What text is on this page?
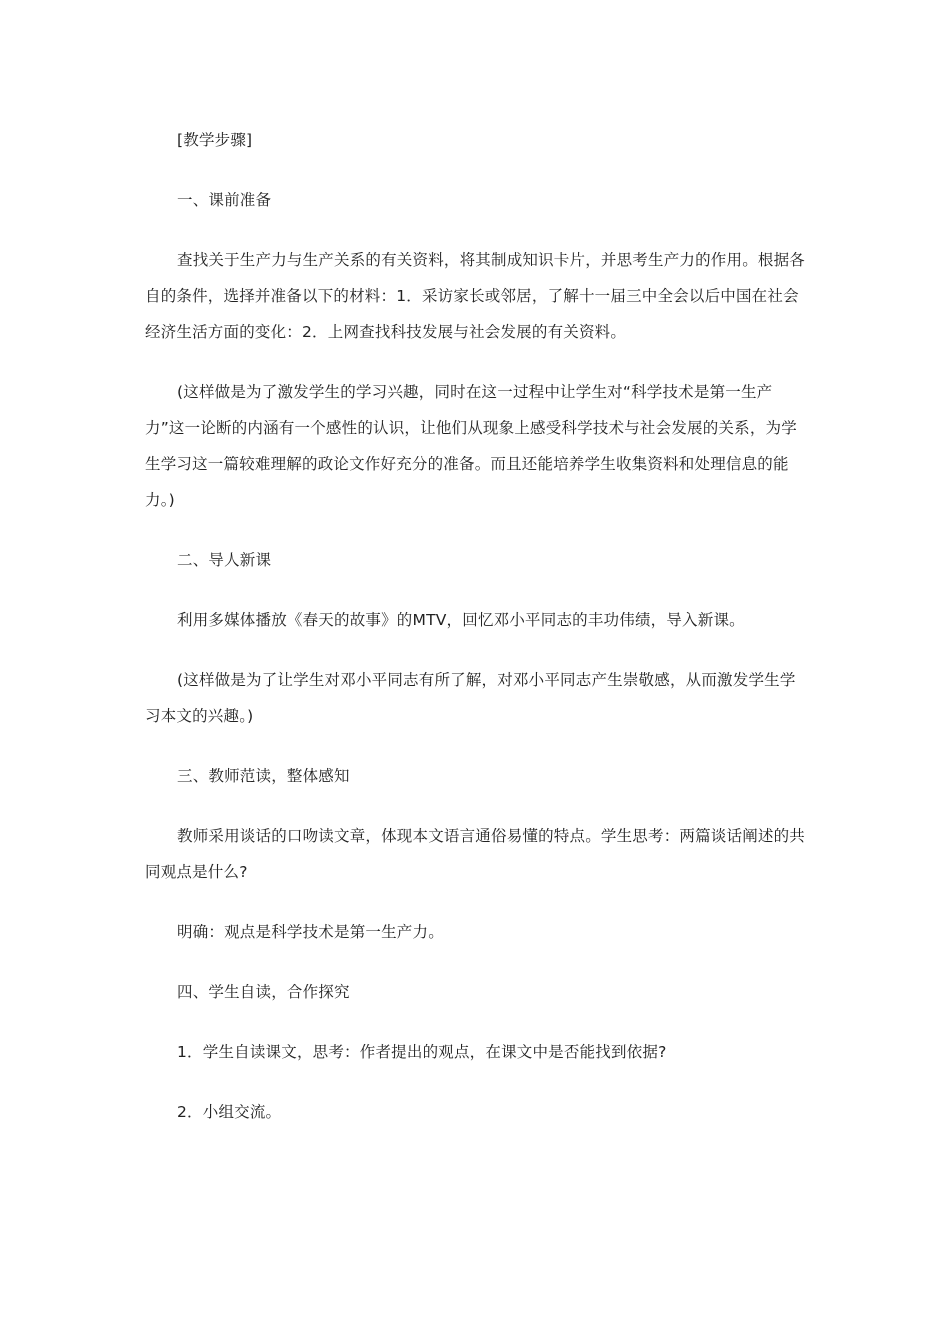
[教学步骤]

一、课前准备

查找关于生产力与生产关系的有关资料，将其制成知识卡片，并思考生产力的作用。根据各自的条件，选择并准备以下的材料：1．采访家长或邻居，了解十一届三中全会以后中国在社会经济生活方面的变化：2．上网查找科技发展与社会发展的有关资料。

(这样做是为了激发学生的学习兴趣，同时在这一过程中让学生对“科学技术是第一生产力”这一论断的内涵有一个感性的认识，让他们从现象上感受科学技术与社会发展的关系，为学生学习这一篇较难理解的政论文作好充分的准备。而且还能培养学生收集资料和处理信息的能力。)

二、导人新课

利用多媒体播放《春天的故事》的MTV，回忆邓小平同志的丰功伟绩，导入新课。

(这样做是为了让学生对邓小平同志有所了解，对邓小平同志产生崇敬感，从而激发学生学习本文的兴趣。)

三、教师范读，整体感知

教师采用谈话的口吻读文章，体现本文语言通俗易懂的特点。学生思考：两篇谈话阐述的共同观点是什么?

明确：观点是科学技术是第一生产力。

四、学生自读，合作探究

1．学生自读课文，思考：作者提出的观点，在课文中是否能找到依据?

2．小组交流。
